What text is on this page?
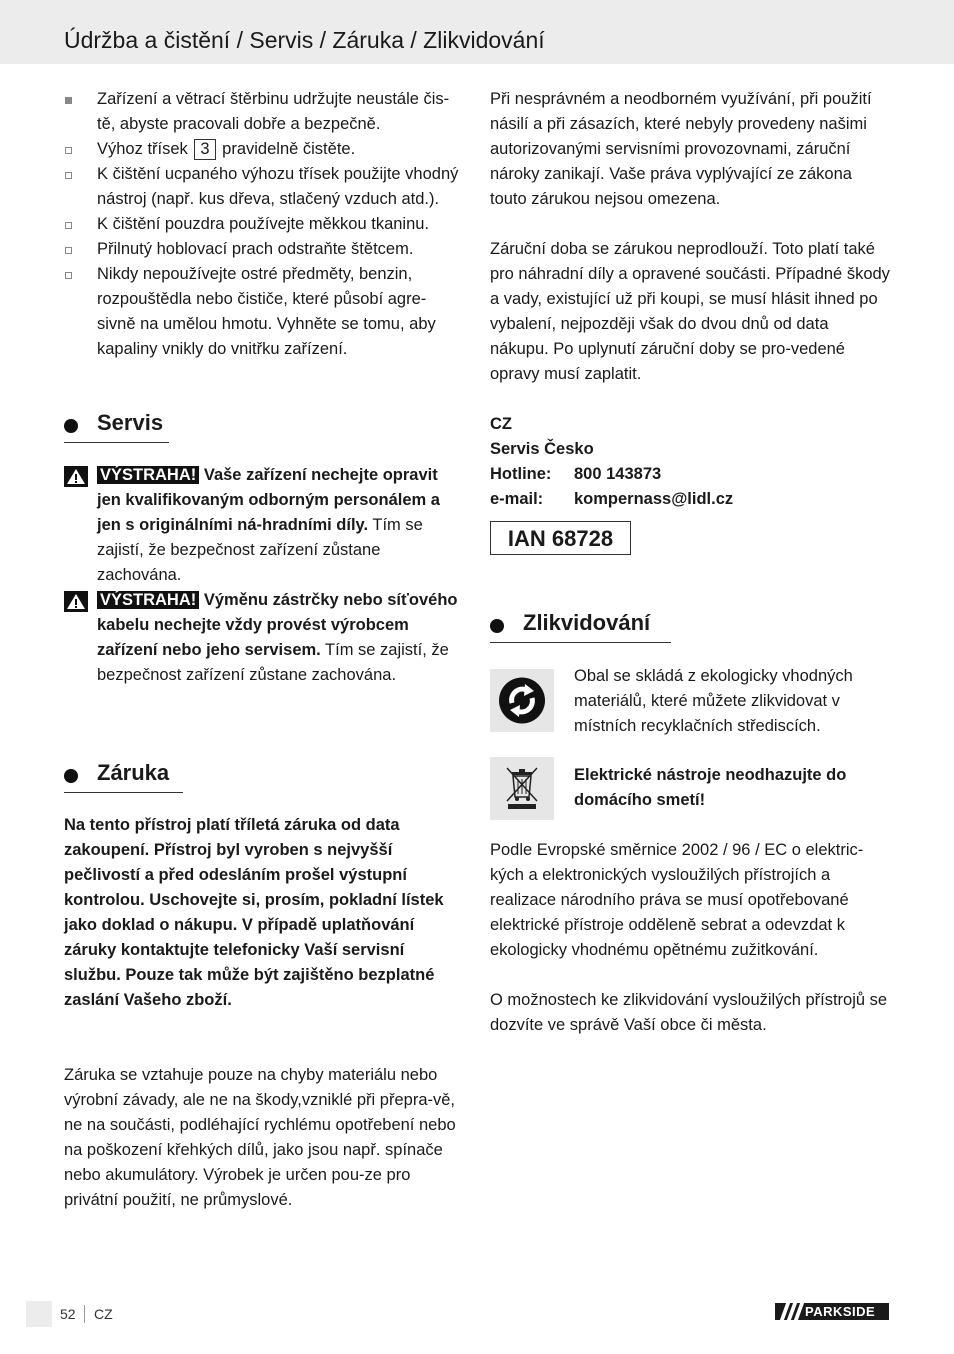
Údržba a čistění / Servis / Záruka / Zlikvidování

Zařízení a větrací štěrbinu udržujte neustále čis-tě, abyste pracovali dobře a bezpečně.

Výhoz třísek 3 pravidelně čistěte.

K čištění ucpaného výhozu třísek použijte vhodný nástroj (např. kus dřeva, stlačený vzduch atd.).

K čištění pouzdra používejte měkkou tkaninu.

Přilnutý hoblovací prach odstraňte štětcem.

Nikdy nepoužívejte ostré předměty, benzin, rozpouštědla nebo čističe, které působí agre-sivně na umělou hmotu. Vyhněte se tomu, aby kapaliny vnikly do vnitřku zařízení.

Servis
VÝSTRAHA! Vaše zařízení nechejte opravit jen kvalifikovaným odborným personálem a jen s originálními ná-hradními díly. Tím se zajistí, že bezpečnost zařízení zůstane zachována.
VÝSTRAHA! Výměnu zástrčky nebo síťového kabelu nechejte vždy provést výrobcem zařízení nebo jeho servisem. Tím se zajistí, že bezpečnost zařízení zůstane zachována.
Záruka
Na tento přístroj platí tříletá záruka od data zakoupení. Přístroj byl vyroben s nejvyšší pečlivostí a před odesláním prošel výstupní kontrolou. Uschovejte si, prosím, pokladní lístek jako doklad o nákupu. V případě uplatňování záruky kontaktujte telefonicky Vaší servisní službu. Pouze tak může být zajištěno bezplatné zaslání Vašeho zboží.
Záruka se vztahuje pouze na chyby materiálu nebo výrobní závady, ale ne na škody,vzniklé při přepra-vě, ne na součásti, podléhající rychlému opotřebení nebo na poškození křehkých dílů, jako jsou např. spínače nebo akumulátory. Výrobek je určen pou-ze pro privátní použití, ne průmyslové.
Při nesprávném a neodborném využívání, při použití násilí a při zásazích, které nebyly provedeny našimi autorizovanými servisními provozovnami, záruční nároky zanikají. Vaše práva vyplývající ze zákona touto zárukou nejsou omezena.
Záruční doba se zárukou neprodlouží. Toto platí také pro náhradní díly a opravené součásti. Případné škody a vady, existující už při koupi, se musí hlásit ihned po vybalení, nejpozději však do dvou dnů od data nákupu. Po uplynutí záruční doby se pro-vedené opravy musí zaplatit.
CZ
Servis Česko
Hotline: 800 143873
e-mail: kompernass@lidl.cz
IAN 68728
Zlikvidování
Obal se skládá z ekologicky vhodných materiálů, které můžete zlikvidovat v místních recyklačních střediscích.
Elektrické nástroje neodhazujte do domácího smetí!
Podle Evropské směrnice 2002 / 96 / EC o elektric-kých a elektronických vysloužilých přístrojích a realizace národního práva se musí opotřebované elektrické přístroje odděleně sebrat a odevzdat k ekologicky vhodnému opětnému zužitkování.
O možnostech ke zlikvidování vysloužilých přístrojů se dozvíte ve správě Vaší obce či města.
52 CZ	PARKSIDE
